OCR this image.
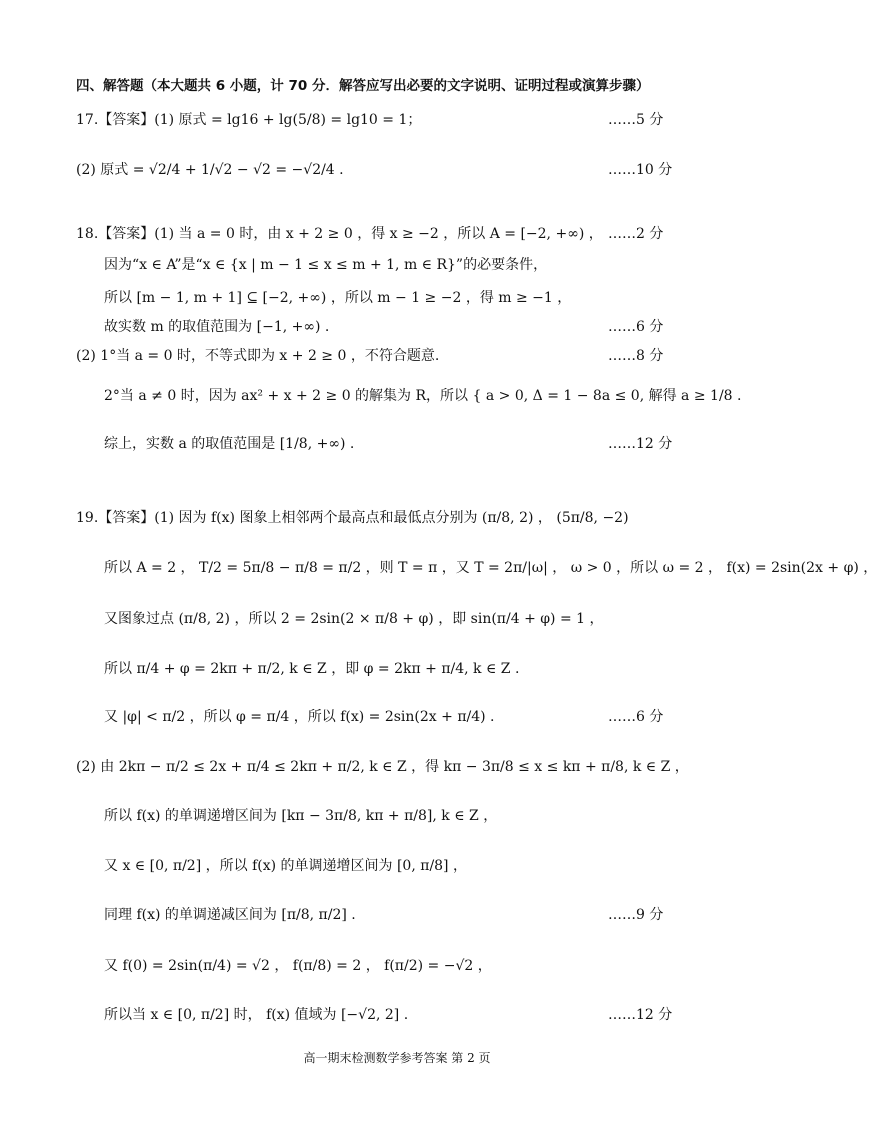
四、解答题（本大题共 6 小题，计 70 分．解答应写出必要的文字说明、证明过程或演算步骤）
17.【答案】(1) 原式 = lg16 + lg(5/8) = lg10 = 1；	……5 分
(2) 原式 = √2/4 + 1/√2 − √2 = −√2/4 .	……10 分
18.【答案】(1) 当 a = 0 时，由 x + 2 ≥ 0 ，得 x ≥ −2 ，所以 A = [−2, +∞) ， ……2 分
因为“x ∈ A”是“x ∈ {x | m − 1 ≤ x ≤ m + 1, m ∈ R}”的必要条件，
所以 [m − 1, m + 1] ⊆ [−2, +∞) ，所以 m − 1 ≥ −2 ，得 m ≥ −1 ，
故实数 m 的取值范围为 [−1, +∞) .	……6 分
(2) 1°当 a = 0 时，不等式即为 x + 2 ≥ 0 ，不符合题意.	……8 分
2°当 a ≠ 0 时，因为 ax² + x + 2 ≥ 0 的解集为 R，所以 { a > 0, Δ = 1 − 8a ≤ 0, 解得 a ≥ 1/8 .
综上，实数 a 的取值范围是 [1/8, +∞) .	……12 分
19.【答案】(1) 因为 f(x) 图象上相邻两个最高点和最低点分别为 (π/8, 2) ， (5π/8, −2)
所以 A = 2 ， T/2 = 5π/8 − π/8 = π/2 ，则 T = π ，又 T = 2π/|ω| ， ω > 0 ，所以 ω = 2 ， f(x) = 2sin(2x + φ) ，
又图象过点 (π/8, 2) ，所以 2 = 2sin(2 × π/8 + φ) ，即 sin(π/4 + φ) = 1 ，
所以 π/4 + φ = 2kπ + π/2, k ∈ Z ，即 φ = 2kπ + π/4, k ∈ Z .
又 |φ| < π/2 ，所以 φ = π/4 ，所以 f(x) = 2sin(2x + π/4) .	……6 分
(2) 由 2kπ − π/2 ≤ 2x + π/4 ≤ 2kπ + π/2, k ∈ Z ，得 kπ − 3π/8 ≤ x ≤ kπ + π/8, k ∈ Z ，
所以 f(x) 的单调递增区间为 [kπ − 3π/8, kπ + π/8], k ∈ Z ，
又 x ∈ [0, π/2] ，所以 f(x) 的单调递增区间为 [0, π/8] ，
同理 f(x) 的单调递减区间为 [π/8, π/2] .	……9 分
又 f(0) = 2sin(π/4) = √2 ， f(π/8) = 2 ， f(π/2) = −√2 ，
所以当 x ∈ [0, π/2] 时， f(x) 值域为 [−√2, 2] .	……12 分
高一期末检测数学参考答案 第 2 页
